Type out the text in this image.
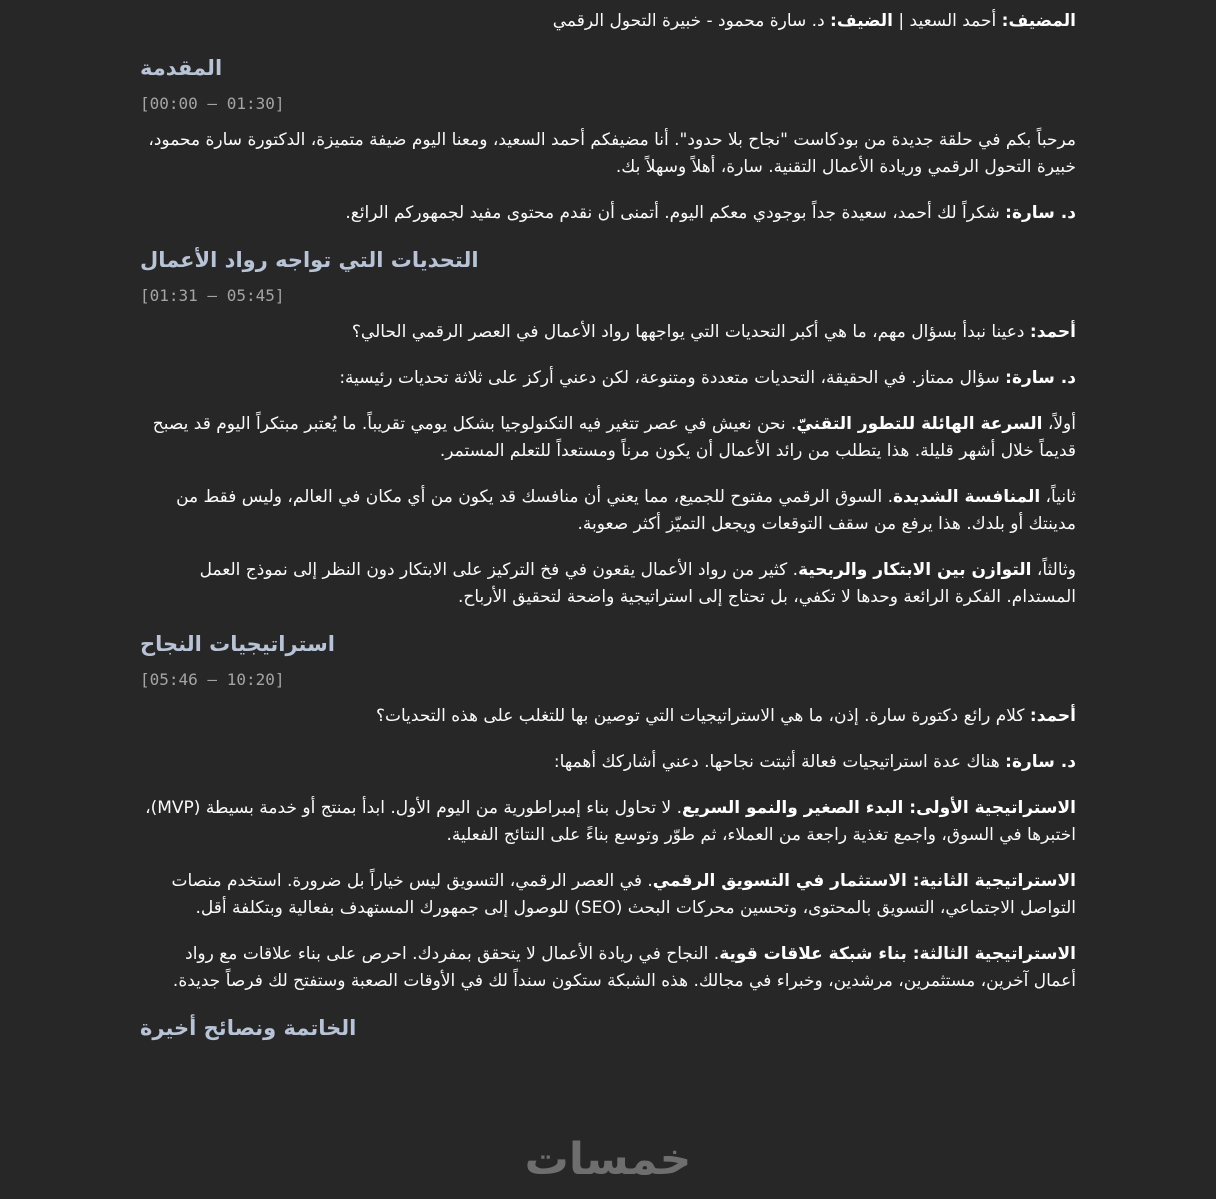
المضيف: أحمد السعيد | الضيف: د. سارة محمود - خبيرة التحول الرقمي

المقدمة
[00:00 – 01:30]

مرحباً بكم في حلقة جديدة من بودكاست "نجاح بلا حدود". أنا مضيفكم أحمد السعيد، ومعنا اليوم ضيفة متميزة، الدكتورة سارة محمود، خبيرة التحول الرقمي وريادة الأعمال التقنية. سارة، أهلاً وسهلاً بك.

د. سارة: شكراً لك أحمد، سعيدة جداً بوجودي معكم اليوم. أتمنى أن نقدم محتوى مفيد لجمهوركم الرائع.

التحديات التي تواجه رواد الأعمال
[01:31 – 05:45]

أحمد: دعينا نبدأ بسؤال مهم، ما هي أكبر التحديات التي يواجهها رواد الأعمال في العصر الرقمي الحالي؟

د. سارة: سؤال ممتاز. في الحقيقة، التحديات متعددة ومتنوعة، لكن دعني أركز على ثلاثة تحديات رئيسية:

أولاً، السرعة الهائلة للتطور التقنيّ. نحن نعيش في عصر تتغير فيه التكنولوجيا بشكل يومي تقريباً. ما يُعتبر مبتكراً اليوم قد يصبح قديماً خلال أشهر قليلة. هذا يتطلب من رائد الأعمال أن يكون مرناً ومستعداً للتعلم المستمر.

ثانياً، المنافسة الشديدة. السوق الرقمي مفتوح للجميع، مما يعني أن منافسك قد يكون من أي مكان في العالم، وليس فقط من مدينتك أو بلدك. هذا يرفع من سقف التوقعات ويجعل التميّز أكثر صعوبة.

وثالثاً، التوازن بين الابتكار والربحية. كثير من رواد الأعمال يقعون في فخ التركيز على الابتكار دون النظر إلى نموذج العمل المستدام. الفكرة الرائعة وحدها لا تكفي، بل تحتاج إلى استراتيجية واضحة لتحقيق الأرباح.

استراتيجيات النجاح
[05:46 – 10:20]

أحمد: كلام رائع دكتورة سارة. إذن، ما هي الاستراتيجيات التي توصين بها للتغلب على هذه التحديات؟

د. سارة: هناك عدة استراتيجيات فعالة أثبتت نجاحها. دعني أشاركك أهمها:

الاستراتيجية الأولى: البدء الصغير والنمو السريع. لا تحاول بناء إمبراطورية من اليوم الأول. ابدأ بمنتج أو خدمة بسيطة (MVP)، اختبرها في السوق، واجمع تغذية راجعة من العملاء، ثم طوّر وتوسع بناءً على النتائج الفعلية.

الاستراتيجية الثانية: الاستثمار في التسويق الرقمي. في العصر الرقمي، التسويق ليس خياراً بل ضرورة. استخدم منصات التواصل الاجتماعي، التسويق بالمحتوى، وتحسين محركات البحث (SEO) للوصول إلى جمهورك المستهدف بفعالية وبتكلفة أقل.

الاستراتيجية الثالثة: بناء شبكة علاقات قوية. النجاح في ريادة الأعمال لا يتحقق بمفردك. احرص على بناء علاقات مع رواد أعمال آخرين، مستثمرين، مرشدين، وخبراء في مجالك. هذه الشبكة ستكون سنداً لك في الأوقات الصعبة وستفتح لك فرصاً جديدة.

الخاتمة ونصائح أخيرة
خمسات
